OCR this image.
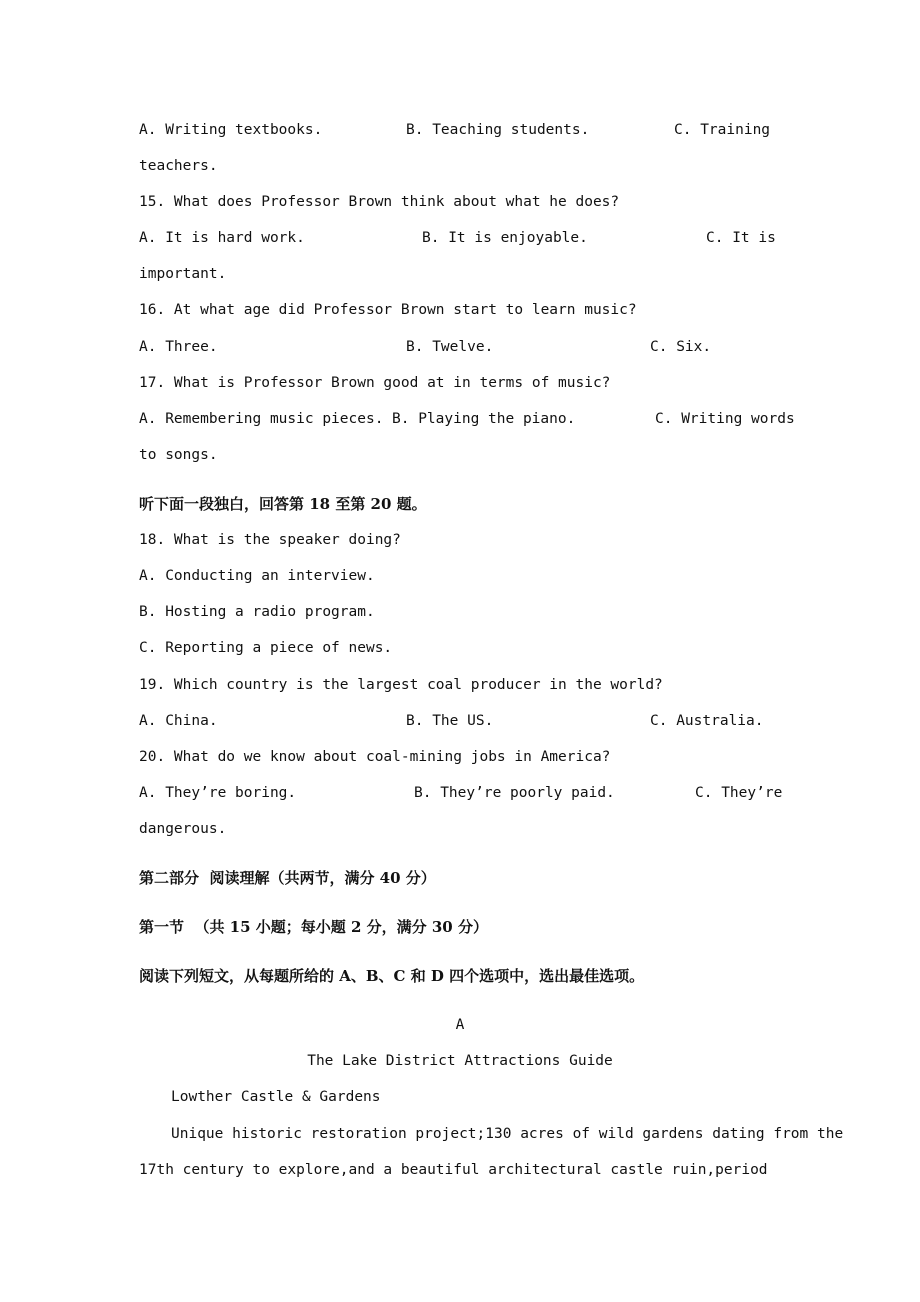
A. Writing textbooks.	B. Teaching students.	C. Training
teachers.
15. What does Professor Brown think about what he does?
A. It is hard work.	B. It is enjoyable.	C. It is
important.
16. At what age did Professor Brown start to learn music?
A. Three.	B. Twelve.	C. Six.
17. What is Professor Brown good at in terms of music?
A. Remembering music pieces. B. Playing the piano.	C. Writing words
to songs.
听下面一段独白，回答第 18 至第 20 题。
18. What is the speaker doing?
A. Conducting an interview.
B. Hosting a radio program.
C. Reporting a piece of news.
19. Which country is the largest coal producer in the world?
A. China.	B. The US.	C. Australia.
20. What do we know about coal-mining jobs in America?
A. They’re boring.	B. They’re poorly paid.	C. They’re
dangerous.
第二部分  阅读理解（共两节，满分 40 分）
第一节  （共 15 小题；每小题 2 分，满分 30 分）
阅读下列短文，从每题所给的 A、B、C 和 D 四个选项中，选出最佳选项。
A
The Lake District Attractions Guide
Lowther Castle & Gardens
Unique historic restoration project;130 acres of wild gardens dating from the
17th century to explore,and a beautiful architectural castle ruin,period
